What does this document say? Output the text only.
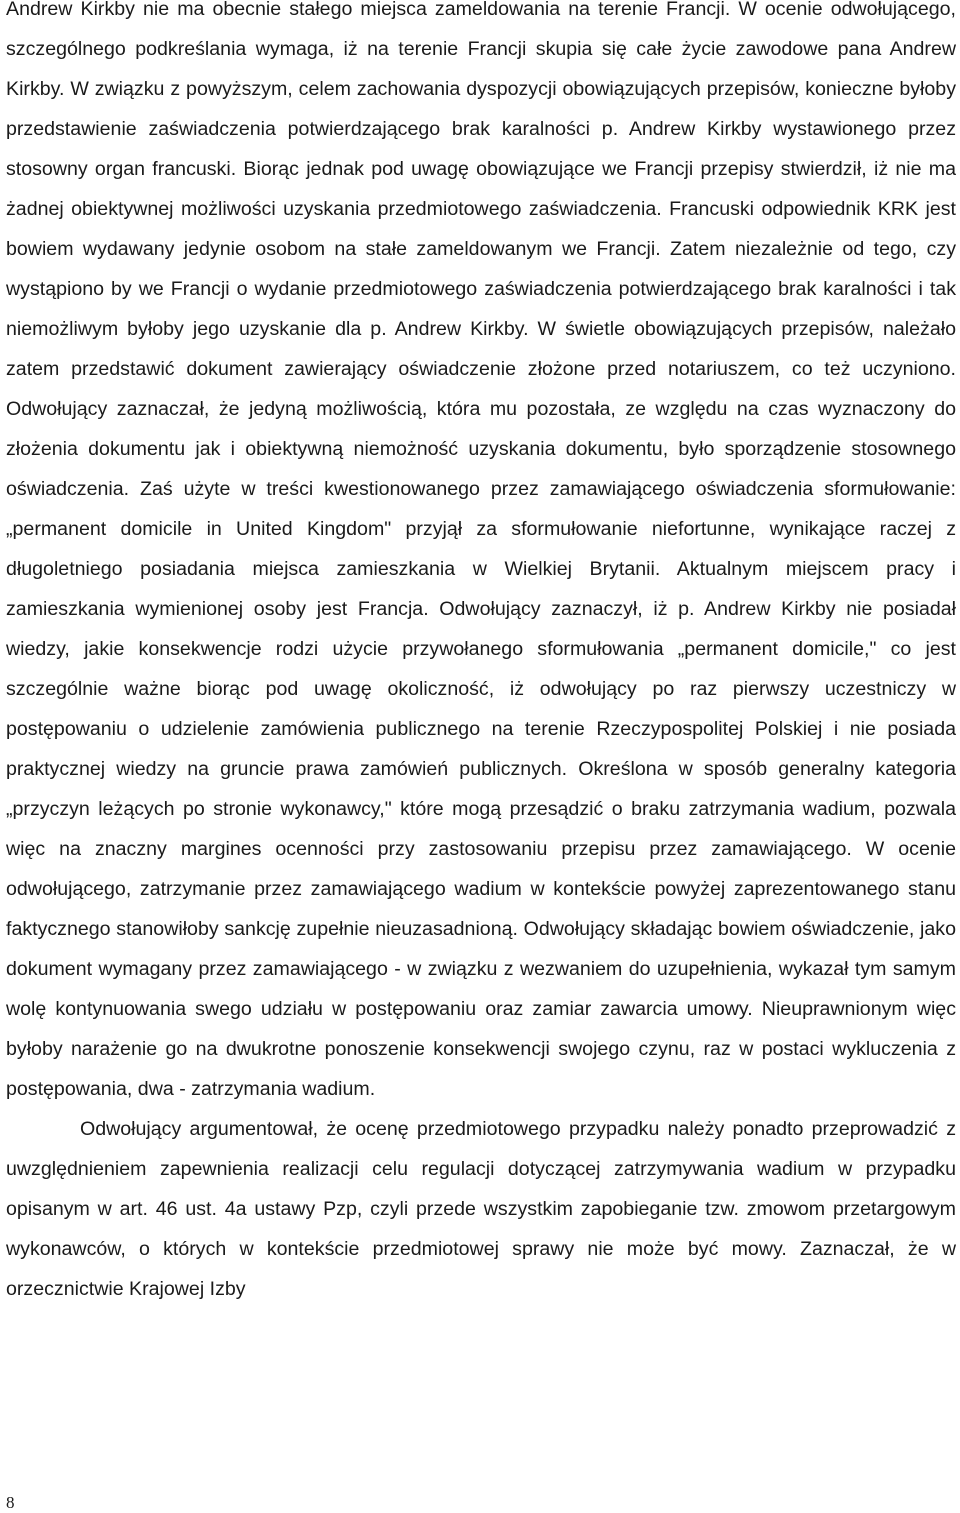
Andrew Kirkby nie ma obecnie stałego miejsca zameldowania na terenie Francji. W ocenie odwołującego, szczególnego podkreślania wymaga, iż na terenie Francji skupia się całe życie zawodowe pana Andrew Kirkby. W związku z powyższym, celem zachowania dyspozycji obowiązujących przepisów, konieczne byłoby przedstawienie zaświadczenia potwierdzającego brak karalności p. Andrew Kirkby wystawionego przez stosowny organ francuski. Biorąc jednak pod uwagę obowiązujące we Francji przepisy stwierdził, iż nie ma żadnej obiektywnej możliwości uzyskania przedmiotowego zaświadczenia. Francuski odpowiednik KRK jest bowiem wydawany jedynie osobom na stałe zameldowanym we Francji. Zatem niezależnie od tego, czy wystąpiono by we Francji o wydanie przedmiotowego zaświadczenia potwierdzającego brak karalności i tak niemożliwym byłoby jego uzyskanie dla p. Andrew Kirkby. W świetle obowiązujących przepisów, należało zatem przedstawić dokument zawierający oświadczenie złożone przed notariuszem, co też uczyniono. Odwołujący zaznaczał, że jedyną możliwością, która mu pozostała, ze względu na czas wyznaczony do złożenia dokumentu jak i obiektywną niemożność uzyskania dokumentu, było sporządzenie stosownego oświadczenia. Zaś użyte w treści kwestionowanego przez zamawiającego oświadczenia sformułowanie: „permanent domicile in United Kingdom" przyjął za sformułowanie niefortunne, wynikające raczej z długoletniego posiadania miejsca zamieszkania w Wielkiej Brytanii. Aktualnym miejscem pracy i zamieszkania wymienionej osoby jest Francja. Odwołujący zaznaczył, iż p. Andrew Kirkby nie posiadał wiedzy, jakie konsekwencje rodzi użycie przywołanego sformułowania „permanent domicile," co jest szczególnie ważne biorąc pod uwagę okoliczność, iż odwołujący po raz pierwszy uczestniczy w postępowaniu o udzielenie zamówienia publicznego na terenie Rzeczypospolitej Polskiej i nie posiada praktycznej wiedzy na gruncie prawa zamówień publicznych. Określona w sposób generalny kategoria „przyczyn leżących po stronie wykonawcy," które mogą przesądzić o braku zatrzymania wadium, pozwala więc na znaczny margines ocenności przy zastosowaniu przepisu przez zamawiającego. W ocenie odwołującego, zatrzymanie przez zamawiającego wadium w kontekście powyżej zaprezentowanego stanu faktycznego stanowiłoby sankcję zupełnie nieuzasadnioną. Odwołujący składając bowiem oświadczenie, jako dokument wymagany przez zamawiającego - w związku z wezwaniem do uzupełnienia, wykazał tym samym wolę kontynuowania swego udziału w postępowaniu oraz zamiar zawarcia umowy. Nieuprawnionym więc byłoby narażenie go na dwukrotne ponoszenie konsekwencji swojego czynu, raz w postaci wykluczenia z postępowania, dwa - zatrzymania wadium.

Odwołujący argumentował, że ocenę przedmiotowego przypadku należy ponadto przeprowadzić z uwzględnieniem zapewnienia realizacji celu regulacji dotyczącej zatrzymywania wadium w przypadku opisanym w art. 46 ust. 4a ustawy Pzp, czyli przede wszystkim zapobieganie tzw. zmowom przetargowym wykonawców, o których w kontekście przedmiotowej sprawy nie może być mowy. Zaznaczał, że w orzecznictwie Krajowej Izby

8
